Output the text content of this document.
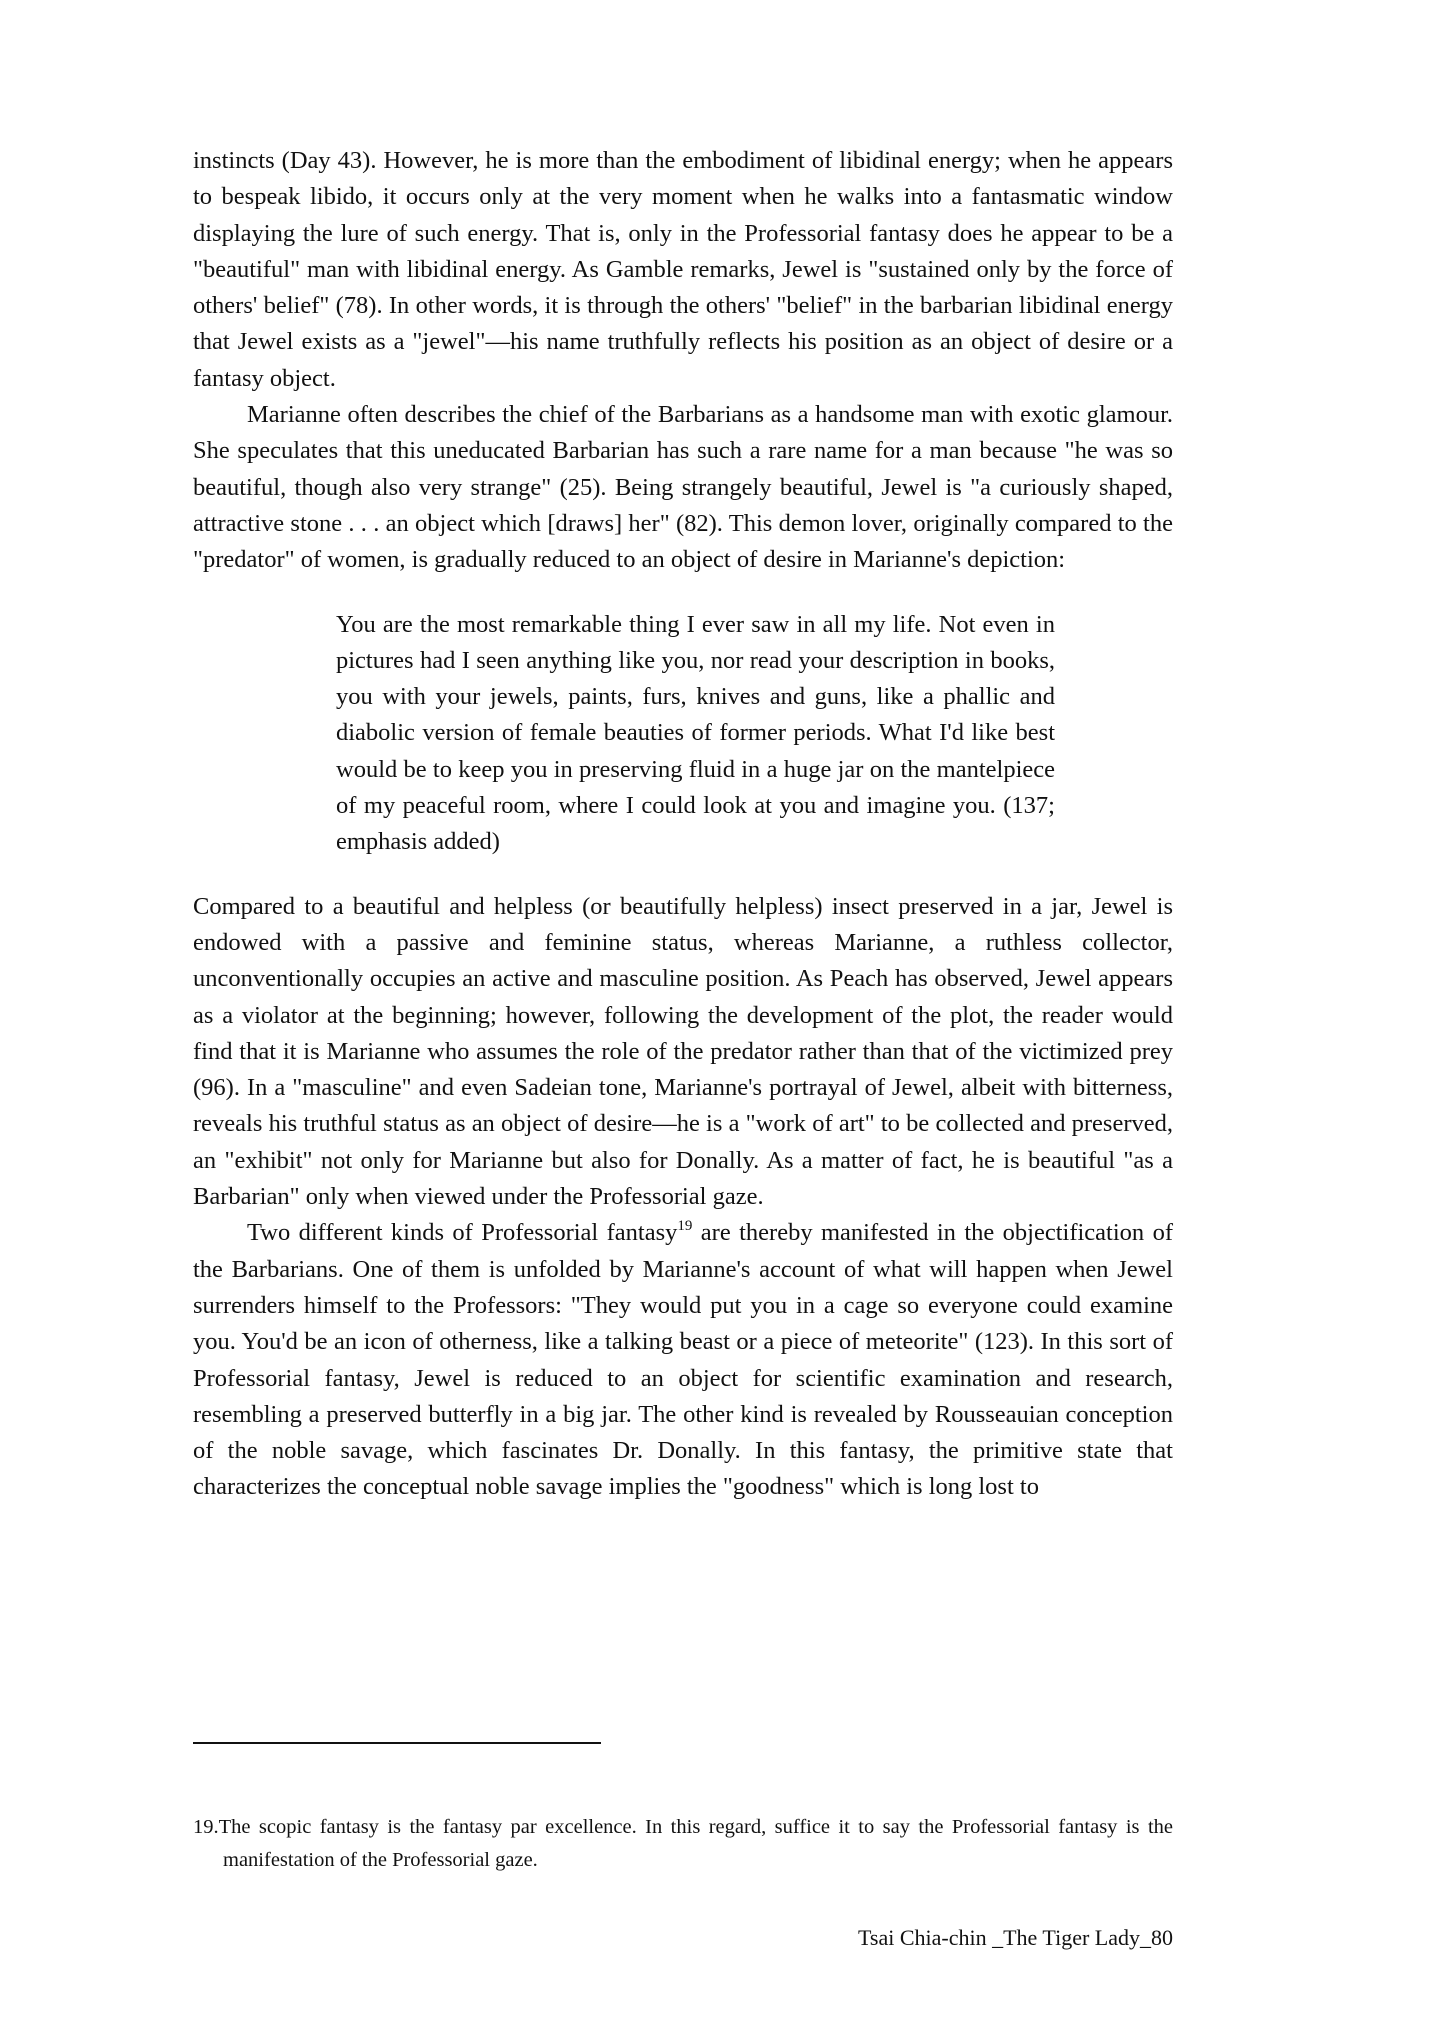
instincts (Day 43). However, he is more than the embodiment of libidinal energy; when he appears to bespeak libido, it occurs only at the very moment when he walks into a fantasmatic window displaying the lure of such energy. That is, only in the Professorial fantasy does he appear to be a "beautiful" man with libidinal energy. As Gamble remarks, Jewel is "sustained only by the force of others' belief" (78). In other words, it is through the others' "belief" in the barbarian libidinal energy that Jewel exists as a "jewel"—his name truthfully reflects his position as an object of desire or a fantasy object.

Marianne often describes the chief of the Barbarians as a handsome man with exotic glamour. She speculates that this uneducated Barbarian has such a rare name for a man because "he was so beautiful, though also very strange" (25). Being strangely beautiful, Jewel is "a curiously shaped, attractive stone . . . an object which [draws] her" (82). This demon lover, originally compared to the "predator" of women, is gradually reduced to an object of desire in Marianne's depiction:

You are the most remarkable thing I ever saw in all my life. Not even in pictures had I seen anything like you, nor read your description in books, you with your jewels, paints, furs, knives and guns, like a phallic and diabolic version of female beauties of former periods. What I'd like best would be to keep you in preserving fluid in a huge jar on the mantelpiece of my peaceful room, where I could look at you and imagine you. (137; emphasis added)

Compared to a beautiful and helpless (or beautifully helpless) insect preserved in a jar, Jewel is endowed with a passive and feminine status, whereas Marianne, a ruthless collector, unconventionally occupies an active and masculine position. As Peach has observed, Jewel appears as a violator at the beginning; however, following the development of the plot, the reader would find that it is Marianne who assumes the role of the predator rather than that of the victimized prey (96). In a "masculine" and even Sadeian tone, Marianne's portrayal of Jewel, albeit with bitterness, reveals his truthful status as an object of desire—he is a "work of art" to be collected and preserved, an "exhibit" not only for Marianne but also for Donally. As a matter of fact, he is beautiful "as a Barbarian" only when viewed under the Professorial gaze.

Two different kinds of Professorial fantasy$^{19}$ are thereby manifested in the objectification of the Barbarians. One of them is unfolded by Marianne's account of what will happen when Jewel surrenders himself to the Professors: "They would put you in a cage so everyone could examine you. You'd be an icon of otherness, like a talking beast or a piece of meteorite" (123). In this sort of Professorial fantasy, Jewel is reduced to an object for scientific examination and research, resembling a preserved butterfly in a big jar. The other kind is revealed by Rousseauian conception of the noble savage, which fascinates Dr. Donally. In this fantasy, the primitive state that characterizes the conceptual noble savage implies the "goodness" which is long lost to

19.The scopic fantasy is the fantasy par excellence. In this regard, suffice it to say the Professorial fantasy is the manifestation of the Professorial gaze.

Tsai Chia-chin _The Tiger Lady_80
